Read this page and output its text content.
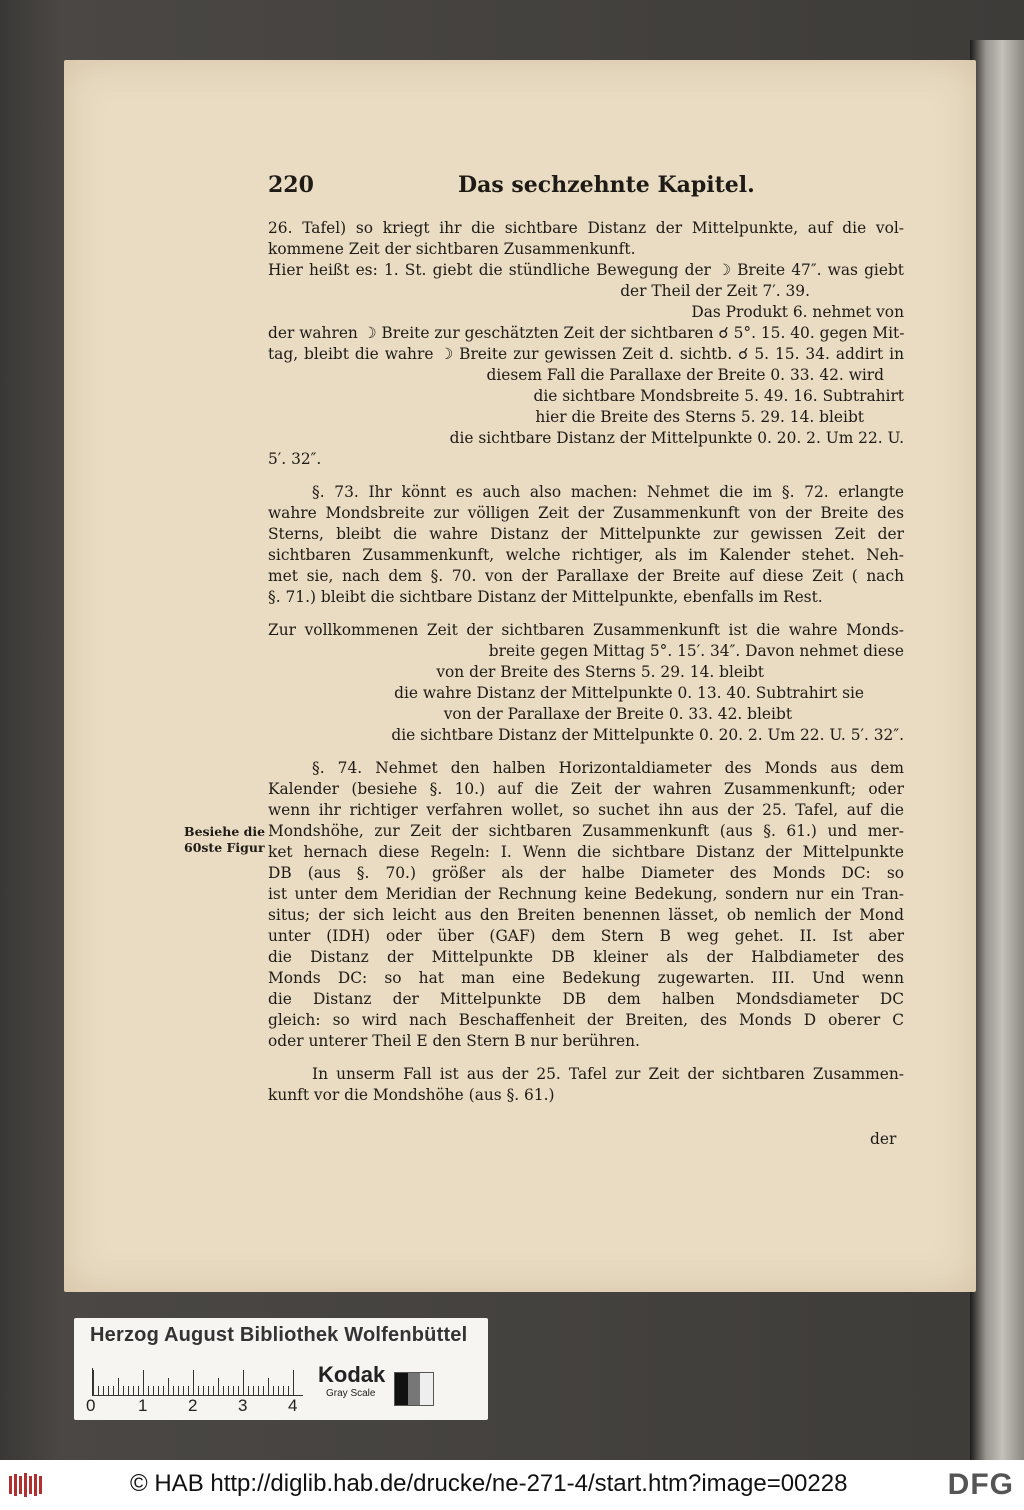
220	Das sechzehnte Kapitel.
26. Tafel) so kriegt ihr die sichtbare Distanz der Mittelpunkte, auf die vol-
kommene Zeit der sichtbaren Zusammenkunft.
Hier heißt es: 1. St. giebt die stündliche Bewegung der ☽ Breite 47″. was giebt
der Theil der Zeit 7′. 39.
Das Produkt 6. nehmet von
der wahren ☽ Breite zur geschätzten Zeit der sichtbaren ☌ 5°. 15. 40. gegen Mit-
tag, bleibt die wahre ☽ Breite zur gewissen Zeit d. sichtb. ☌ 5. 15. 34. addirt in
diesem Fall die Parallaxe der Breite 0. 33. 42. wird
die sichtbare Mondsbreite 5. 49. 16. Subtrahirt
hier die Breite des Sterns 5. 29. 14. bleibt
die sichtbare Distanz der Mittelpunkte 0. 20. 2. Um 22. U.
5′. 32″.
§. 73. Ihr könnt es auch also machen: Nehmet die im §. 72. erlangte
wahre Mondsbreite zur völligen Zeit der Zusammenkunft von der Breite des
Sterns, bleibt die wahre Distanz der Mittelpunkte zur gewissen Zeit der
sichtbaren Zusammenkunft, welche richtiger, als im Kalender stehet. Neh-
met sie, nach dem §. 70. von der Parallaxe der Breite auf diese Zeit ( nach
§. 71.) bleibt die sichtbare Distanz der Mittelpunkte, ebenfalls im Rest.
Zur vollkommenen Zeit der sichtbaren Zusammenkunft ist die wahre Monds-
breite gegen Mittag 5°. 15′. 34″. Davon nehmet diese
von der Breite des Sterns 5. 29. 14. bleibt
die wahre Distanz der Mittelpunkte 0. 13. 40. Subtrahirt sie
von der Parallaxe der Breite 0. 33. 42. bleibt
die sichtbare Distanz der Mittelpunkte 0. 20. 2. Um 22. U. 5′. 32″.
§. 74. Nehmet den halben Horizontaldiameter des Monds aus dem
Kalender (besiehe §. 10.) auf die Zeit der wahren Zusammenkunft; oder
wenn ihr richtiger verfahren wollet, so suchet ihn aus der 25. Tafel, auf die
Mondshöhe, zur Zeit der sichtbaren Zusammenkunft (aus §. 61.) und mer-
ket hernach diese Regeln: I. Wenn die sichtbare Distanz der Mittelpunkte
DB (aus §. 70.) größer als der halbe Diameter des Monds DC: so
ist unter dem Meridian der Rechnung keine Bedekung, sondern nur ein Tran-
situs; der sich leicht aus den Breiten benennen lässet, ob nemlich der Mond
unter (IDH) oder über (GAF) dem Stern B weg gehet. II. Ist aber
die Distanz der Mittelpunkte DB kleiner als der Halbdiameter des
Monds DC: so hat man eine Bedekung zugewarten. III. Und wenn
die Distanz der Mittelpunkte DB dem halben Mondsdiameter DC
gleich: so wird nach Beschaffenheit der Breiten, des Monds D oberer C
oder unterer Theil E den Stern B nur berühren.
In unserm Fall ist aus der 25. Tafel zur Zeit der sichtbaren Zusammen-
kunft vor die Mondshöhe (aus §. 61.)
Besiehe die
60ste Figur
der
Herzog August Bibliothek Wolfenbüttel
0	1 2 3 4
Kodak
Gray Scale
© HAB http://diglib.hab.de/drucke/ne-271-4/start.htm?image=00228	DFG
